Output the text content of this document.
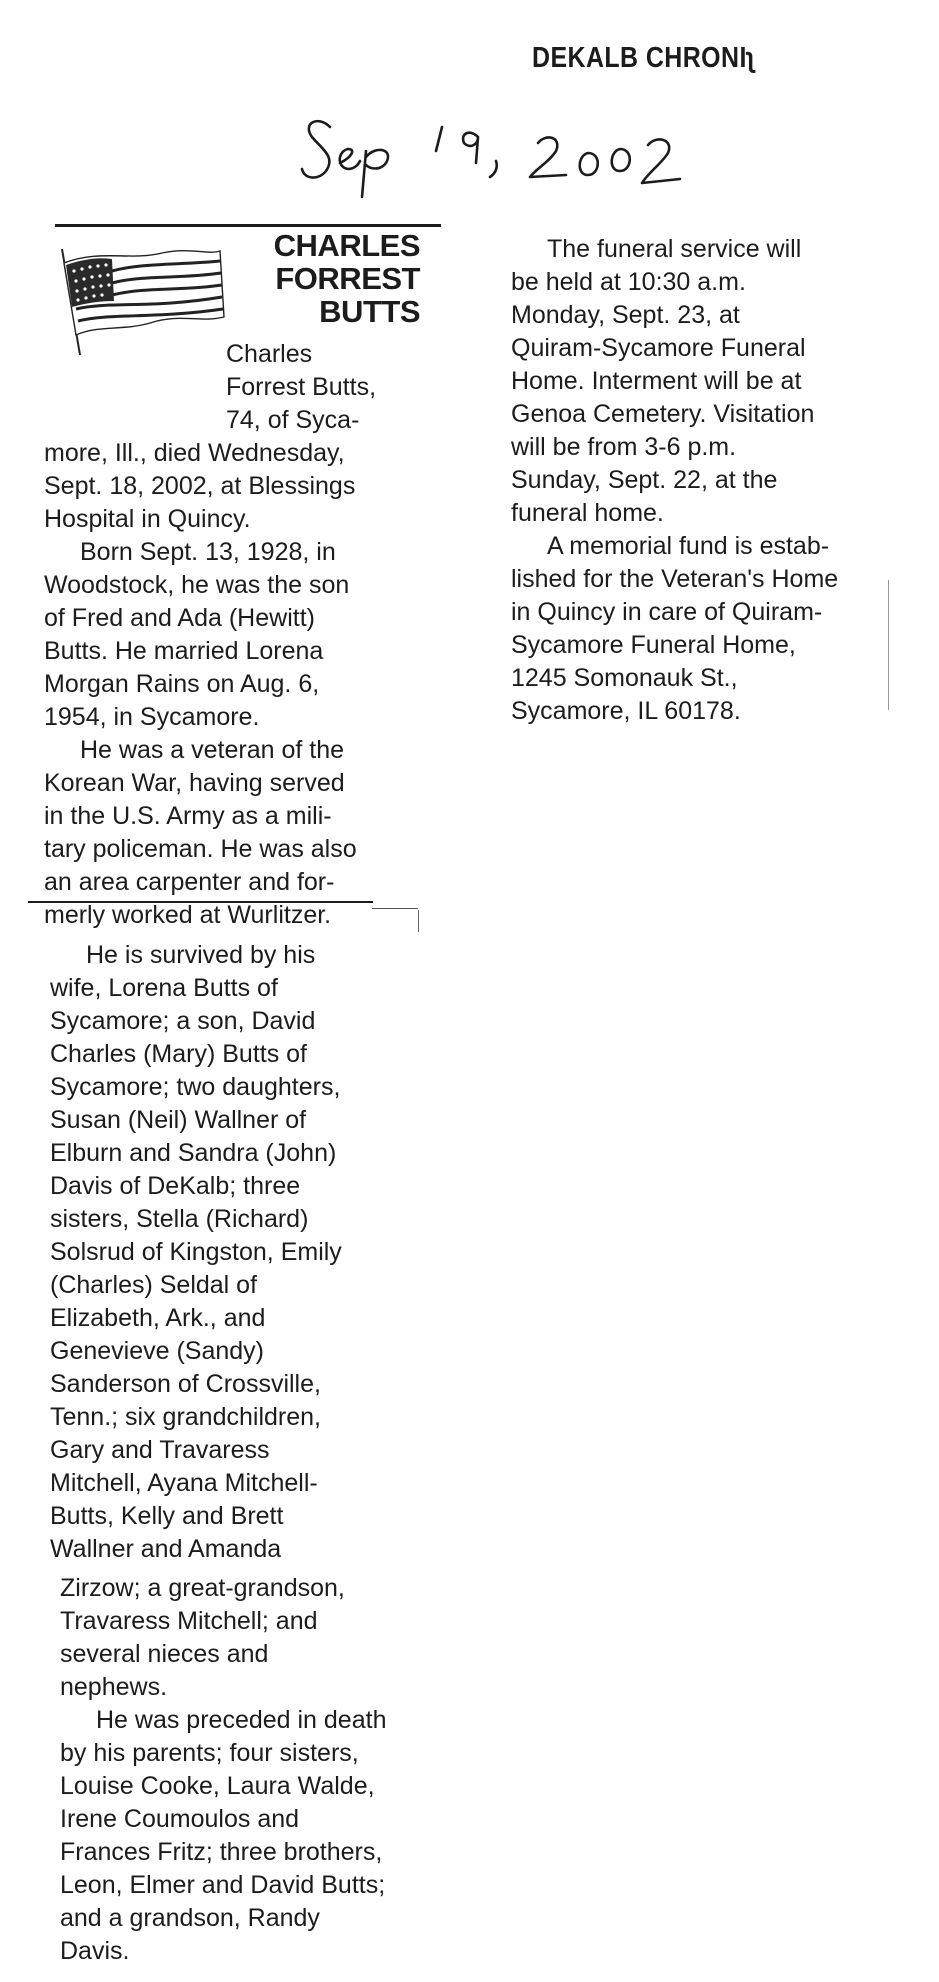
DEKALB CHRONIʅ
CHARLES
FORREST
BUTTS
Charles
Forrest Butts,
74, of Syca-
more, Ill., died Wednesday,
Sept. 18, 2002, at Blessings
Hospital in Quincy.
Born Sept. 13, 1928, in
Woodstock, he was the son
of Fred and Ada (Hewitt)
Butts. He married Lorena
Morgan Rains on Aug. 6,
1954, in Sycamore.
He was a veteran of the
Korean War, having served
in the U.S. Army as a mili-
tary policeman. He was also
an area carpenter and for-
merly worked at Wurlitzer.
He is survived by his
wife, Lorena Butts of
Sycamore; a son, David
Charles (Mary) Butts of
Sycamore; two daughters,
Susan (Neil) Wallner of
Elburn and Sandra (John)
Davis of DeKalb; three
sisters, Stella (Richard)
Solsrud of Kingston, Emily
(Charles) Seldal of
Elizabeth, Ark., and
Genevieve (Sandy)
Sanderson of Crossville,
Tenn.; six grandchildren,
Gary and Travaress
Mitchell, Ayana Mitchell-
Butts, Kelly and Brett
Wallner and Amanda
Zirzow; a great-grandson,
Travaress Mitchell; and
several nieces and
nephews.
He was preceded in death
by his parents; four sisters,
Louise Cooke, Laura Walde,
Irene Coumoulos and
Frances Fritz; three brothers,
Leon, Elmer and David Butts;
and a grandson, Randy
Davis.
The funeral service will
be held at 10:30 a.m.
Monday, Sept. 23, at
Quiram-Sycamore Funeral
Home. Interment will be at
Genoa Cemetery. Visitation
will be from 3-6 p.m.
Sunday, Sept. 22, at the
funeral home.
A memorial fund is estab-
lished for the Veteran's Home
in Quincy in care of Quiram-
Sycamore Funeral Home,
1245 Somonauk St.,
Sycamore, IL 60178.
